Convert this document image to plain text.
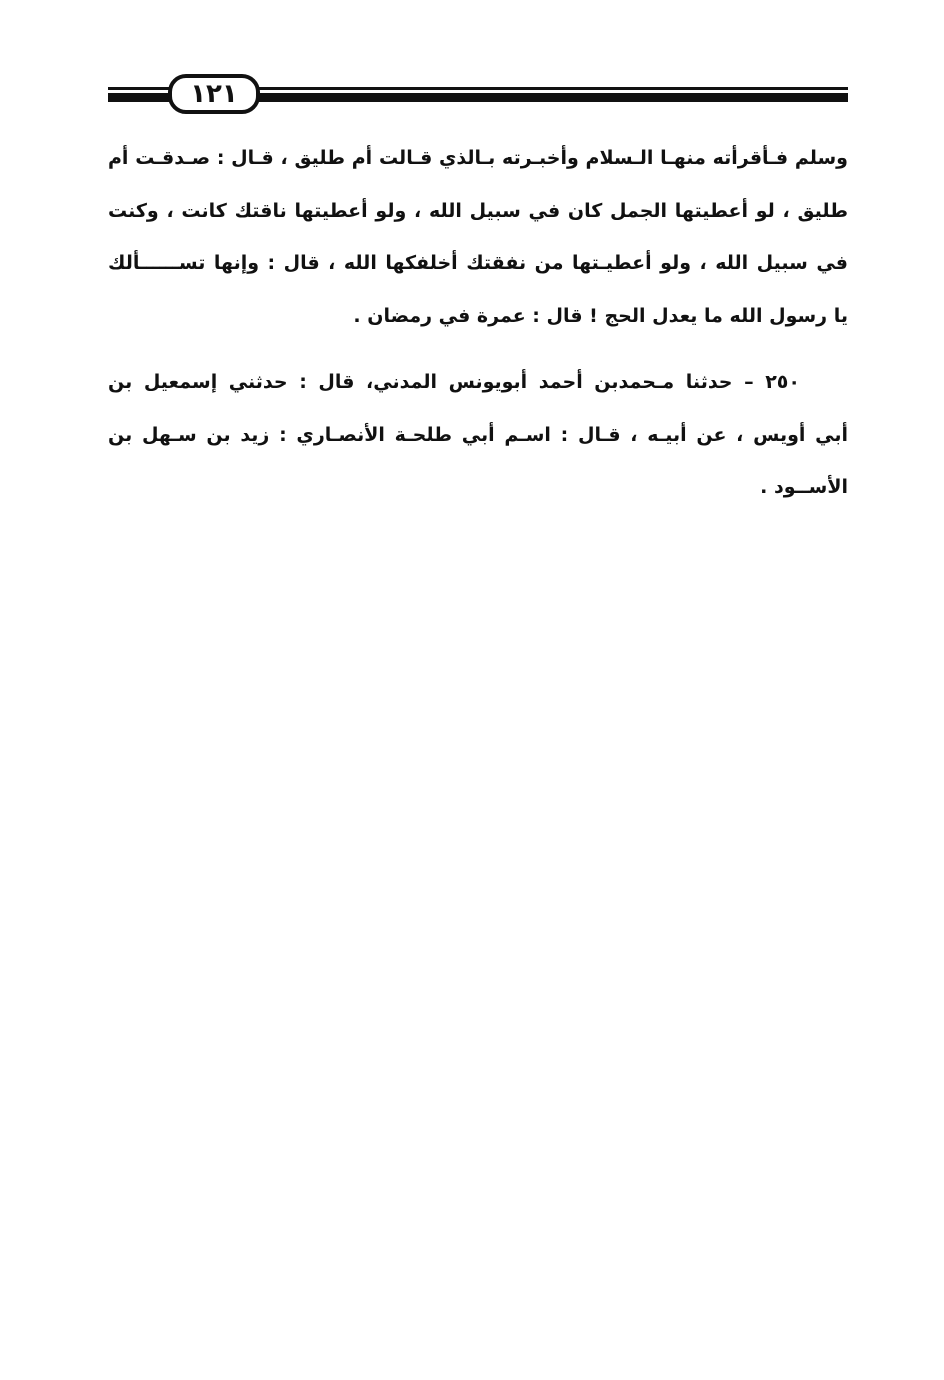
١٢١
وسلم فـأقرأته منهـا الـسلام وأخبـرته بـالذي قـالت أم طليق ، قـال : صـدقـت أم
طليق ، لو أعطيتها الجمل كان في سبيل الله ، ولو أعطيتها ناقتك كانت ، وكنت
في سبيل الله ، ولو أعطيـتها من نفقتك أخلفكها الله ، قال : وإنها تســــــألك
يا رسول الله ما يعدل الحج ! قال : عمرة في رمضان .
٢٥٠ – حدثنا مـحمدبن أحمد أبويونس المدني، قال : حدثني إسمعيل بن
أبي أويس ، عن أبيـه ، قـال : اسـم أبي طلحـة الأنصـاري : زيد بن سـهل بن
الأســود .
